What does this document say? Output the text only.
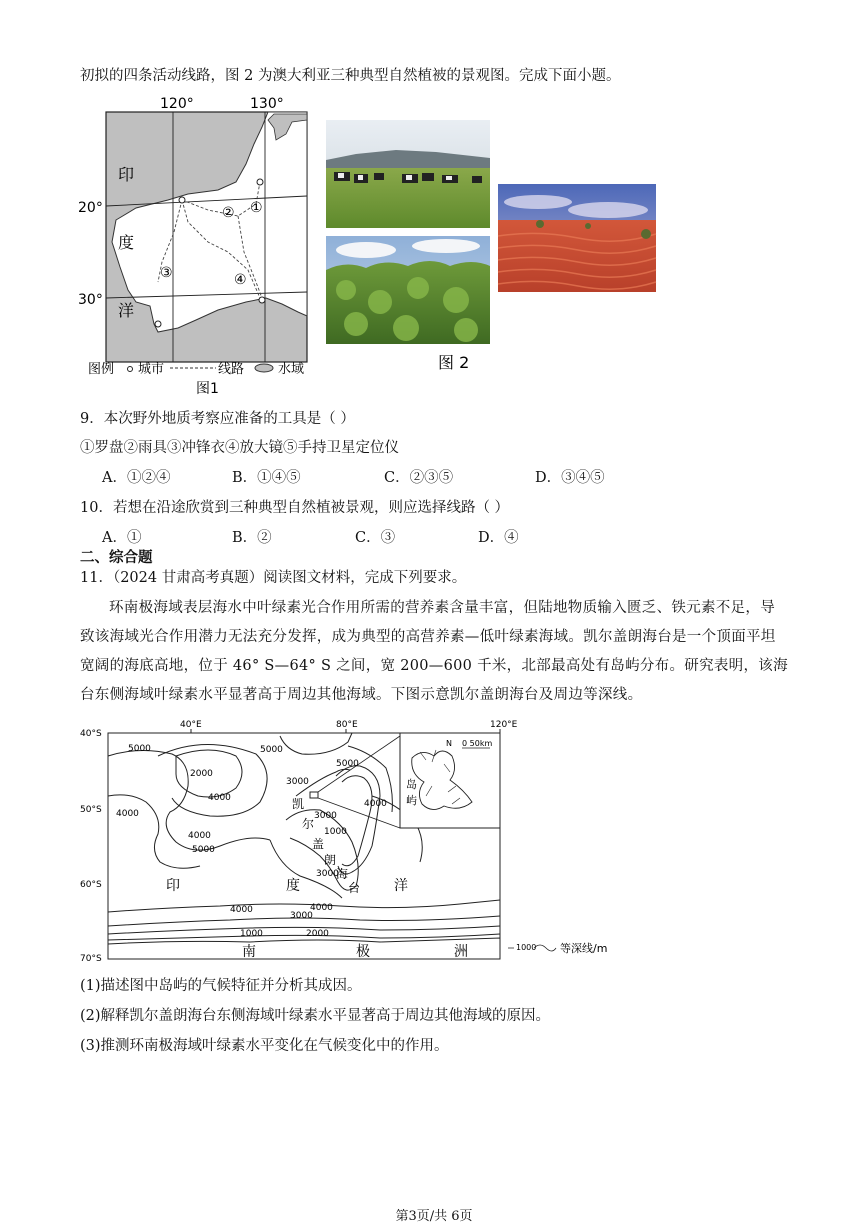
初拟的四条活动线路，图 2 为澳大利亚三种典型自然植被的景观图。完成下面小题。
120°	130°
20°
30°
印
度
洋
①
②
③	④
图例 城市	线路	水域
图1
图 2
9．本次野外地质考察应准备的工具是（ ）
①罗盘②雨具③冲锋衣④放大镜⑤手持卫星定位仪
A．①②④	B．①④⑤	C．②③⑤	D．③④⑤
10．若想在沿途欣赏到三种典型自然植被景观，则应选择线路（ ）
A．①	B．②	C．③	D．④
二、综合题
11．（2024 甘肃高考真题）阅读图文材料，完成下列要求。
环南极海域表层海水中叶绿素光合作用所需的营养素含量丰富，但陆地物质输入匮乏、铁元素不足，导致该海域光合作用潜力无法充分发挥，成为典型的高营养素—低叶绿素海域。凯尔盖朗海台是一个顶面平坦宽阔的海底高地，位于 46° S—64° S 之间，宽 200—600 千米，北部最高处有岛屿分布。研究表明，该海台东侧海域叶绿素水平显著高于周边其他海域。下图示意凯尔盖朗海台及周边等深线。
40°E	80°E	120°E
40°S
50°S
60°S
70°S
5000
2000
4000
5000
3000
5000
4000
4000
3000
1000
3000
4000
4000
3000
2000
1000
4000
5000
印	度	洋
南	极	洲
凯
尔
盖
朗
海
台
岛
屿
0 50km
N
1000 等深线/m
(1)描述图中岛屿的气候特征并分析其成因。
(2)解释凯尔盖朗海台东侧海域叶绿素水平显著高于周边其他海域的原因。
(3)推测环南极海域叶绿素水平变化在气候变化中的作用。
第3页/共 6页
